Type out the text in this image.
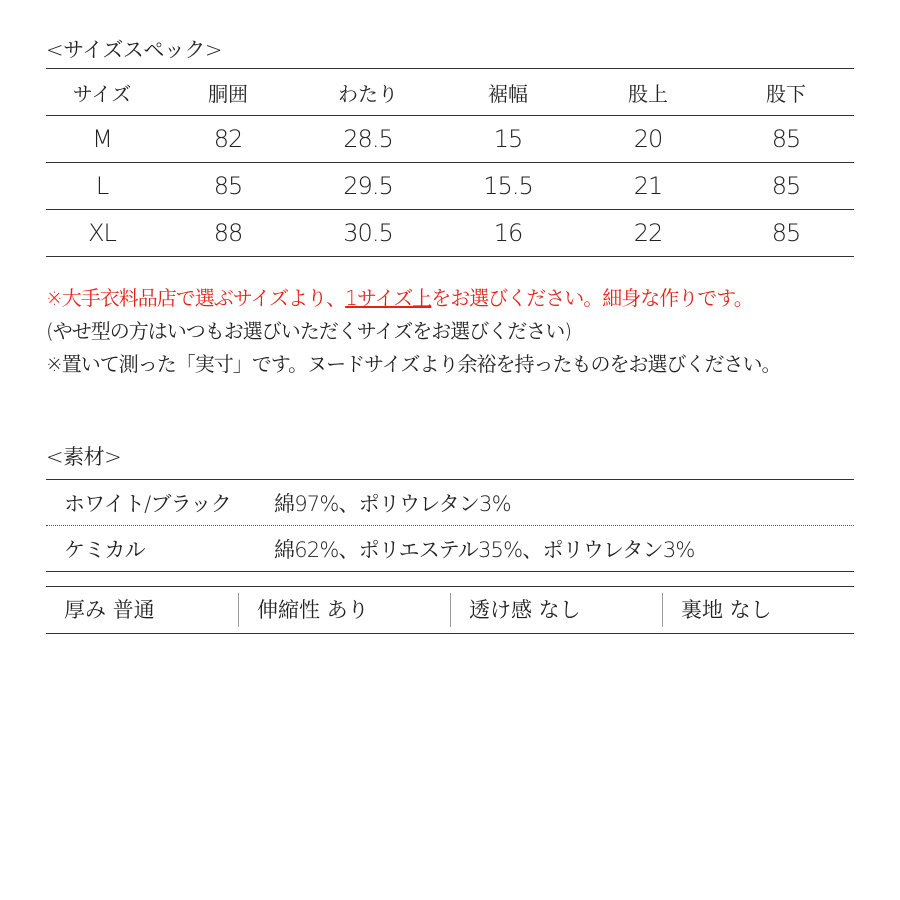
<サイズスペック>
サイズ	胴囲	わたり	裾幅	股上	股下
M	82	28.5	15	20	85
L	85	29.5	15.5	21	85
XL	88	30.5	16	22	85
※大手衣料品店で選ぶサイズより、1サイズ上をお選びください。細身な作りです。
(やせ型の方はいつもお選びいただくサイズをお選びください)
※置いて測った「実寸」です。ヌードサイズより余裕を持ったものをお選びください。
<素材>
ホワイト/ブラック	綿97%、ポリウレタン3%
ケミカル	綿62%、ポリエステル35%、ポリウレタン3%
厚み 普通	伸縮性 あり	透け感 なし	裏地 なし
